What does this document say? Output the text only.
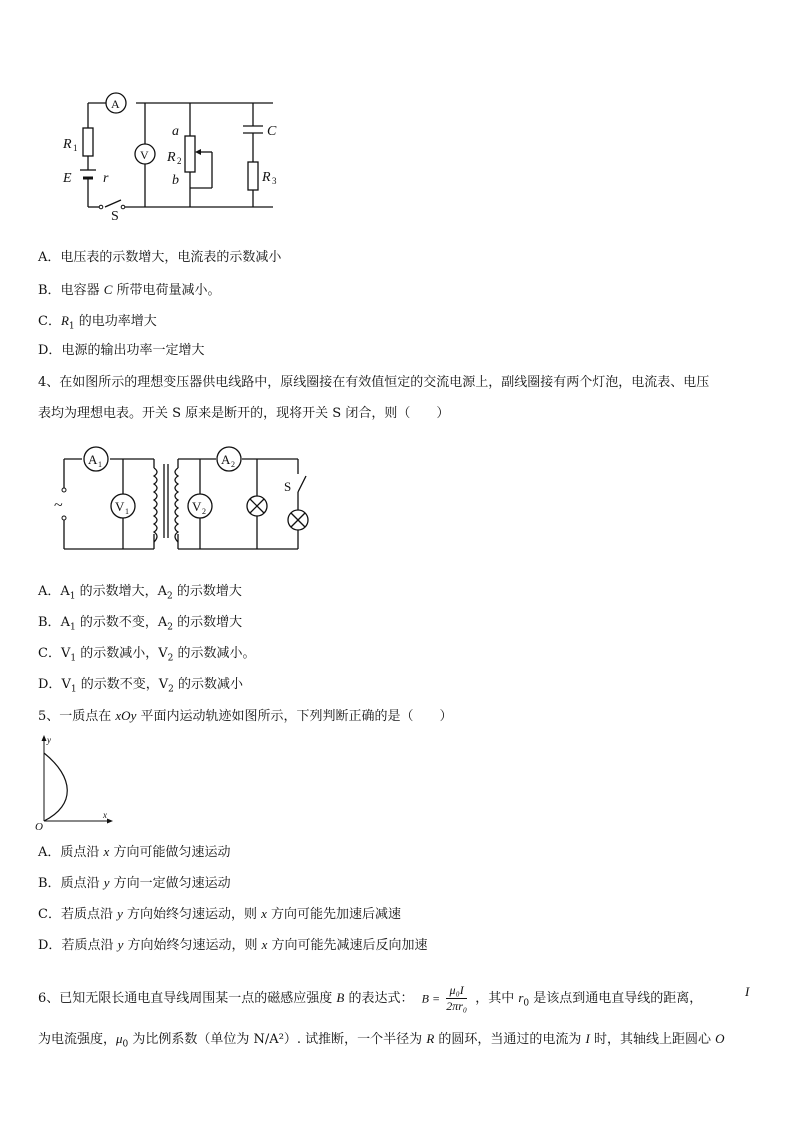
A
V
R 1
E r
S
a
R 2
b
C
R 3
A．电压表的示数增大，电流表的示数减小
B．电容器 C 所带电荷量减小。
C．$R_1$ 的电功率增大
D．电源的输出功率一定增大
4、在如图所示的理想变压器供电线路中，原线圈接在有效值恒定的交流电源上，副线圈接有两个灯泡，电流表、电压
表均为理想电表。开关 S 原来是断开的，现将开关 S 闭合，则（　　）
A 1
V 1	V 2
A 2
S
~
A．$A_1$ 的示数增大，$A_2$ 的示数增大
B．$A_1$ 的示数不变，$A_2$ 的示数增大
C．$V_1$ 的示数减小，$V_2$ 的示数减小。
D．$V_1$ 的示数不变，$V_2$ 的示数减小
5、一质点在 xOy 平面内运动轨迹如图所示，下列判断正确的是（　　）
y
x
O
A．质点沿 x 方向可能做匀速运动
B．质点沿 y 方向一定做匀速运动
C．若质点沿 y 方向始终匀速运动，则 x 方向可能先加速后减速
D．若质点沿 y 方向始终匀速运动，则 x 方向可能先减速后反向加速
6、已知无限长通电直导线周围某一点的磁感应强度 B 的表达式： $B = \frac{\text{μ₀I}}{\text{2πr₀}}$ ，其中 $r_0$ 是该点到通电直导线的距离，	I
为电流强度，$\mu_0$ 为比例系数（单位为 N/A²）. 试推断，一个半径为 R 的圆环，当通过的电流为 I 时，其轴线上距圆心 O
